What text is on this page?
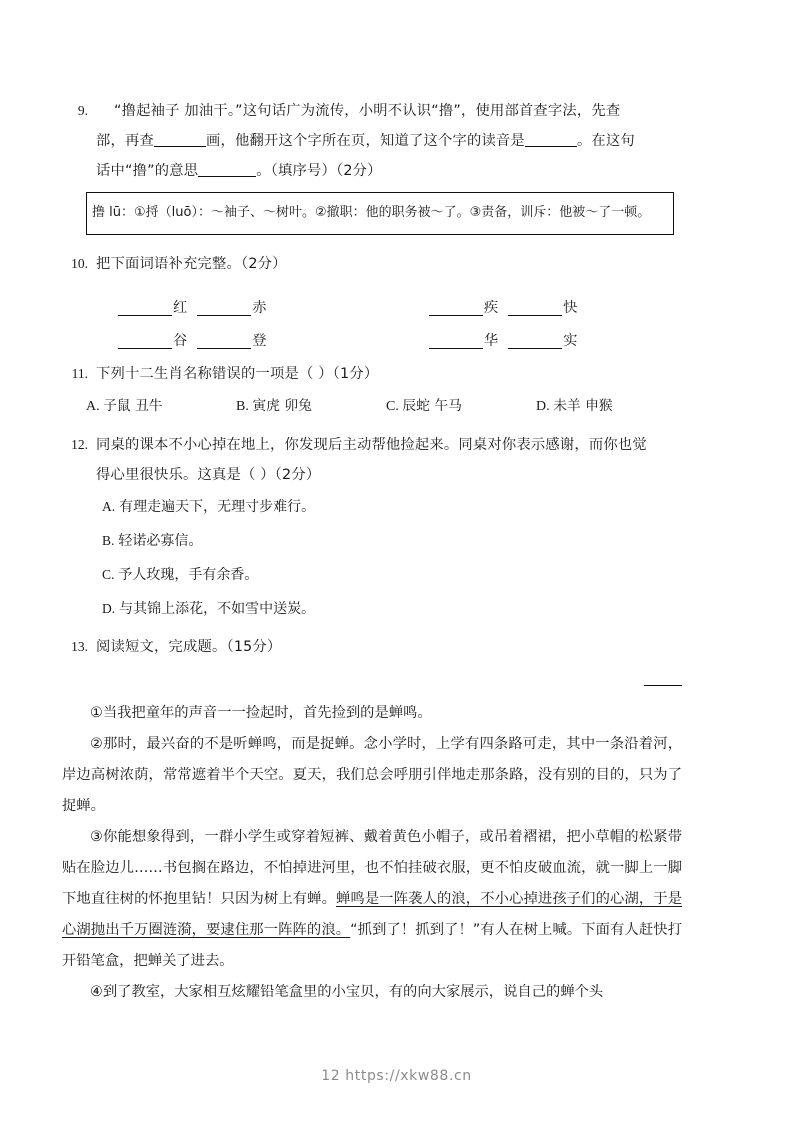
9.	“撸起袖子 加油干。”这句话广为流传，小明不认识“撸”，使用部首查字法，先查
部，再查	画，他翻开这个字所在页，知道了这个字的读音是	。在这句
话中“撸”的意思	。（填序号）（2分）
撸 lū：①捋（luō）：～袖子、～树叶。②撤职：他的职务被～了。③责备，训斥：他被～了一顿。
10. 把下面词语补充完整。（2分）
红	赤	疾	快
谷	登	华	实
11. 下列十二生肖名称错误的一项是（ ）（1分）
A. 子鼠 丑牛	B. 寅虎 卯兔	C. 辰蛇 午马	D. 未羊 申猴
12. 同桌的课本不小心掉在地上，你发现后主动帮他捡起来。同桌对你表示感谢，而你也觉
得心里很快乐。这真是（ ）（2分）
A. 有理走遍天下，无理寸步难行。
B. 轻诺必寡信。
C. 予人玫瑰，手有余香。
D. 与其锦上添花，不如雪中送炭。
13. 阅读短文，完成题。（15分）

①当我把童年的声音一一捡起时，首先捡到的是蝉鸣。

②那时，最兴奋的不是听蝉鸣，而是捉蝉。念小学时，上学有四条路可走，其中一条沿着河，岸边高树浓荫，常常遮着半个天空。夏天，我们总会呼朋引伴地走那条路，没有别的目的，只为了捉蝉。

③你能想象得到，一群小学生或穿着短裤、戴着黄色小帽子，或吊着褶裙，把小草帽的松紧带贴在脸边儿……书包搁在路边，不怕掉进河里，也不怕挂破衣服，更不怕皮破血流，就一脚上一脚下地直往树的怀抱里钻！只因为树上有蝉。蝉鸣是一阵袭人的浪，不小心掉进孩子们的心湖，于是心湖抛出千万圈涟漪，要逮住那一阵阵的浪。“抓到了！抓到了！”有人在树上喊。下面有人赶快打开铅笔盒，把蝉关了进去。

④到了教室，大家相互炫耀铅笔盒里的小宝贝，有的向大家展示，说自己的蝉个头

12 https://xkw88.cn
